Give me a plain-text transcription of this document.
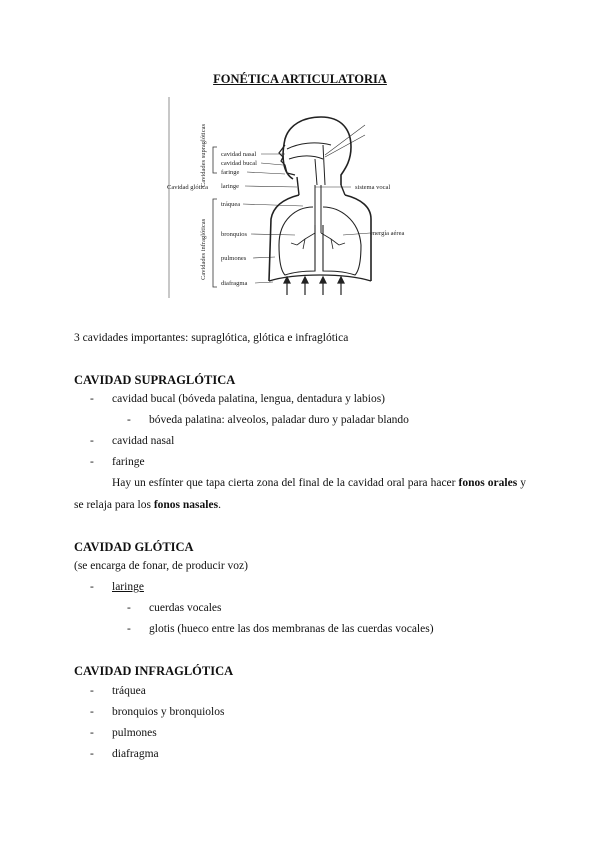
FONÉTICA ARTICULATORIA
Cavidades supraglóticas
Cavidad glótica
Cavidades infraglóticas
cavidad nasal
cavidad bucal
faringe
laringe
tráquea
bronquios
pulmones
diafragma
sistema vocal
energía aérea
3 cavidades importantes: supraglótica, glótica e infraglótica
CAVIDAD SUPRAGLÓTICA
- cavidad bucal (bóveda palatina, lengua, dentadura y labios)
- bóveda palatina: alveolos, paladar duro y paladar blando
- cavidad nasal
- faringe
Hay un esfínter que tapa cierta zona del final de la cavidad oral para hacer fonos orales y se relaja para los fonos nasales.
CAVIDAD GLÓTICA
(se encarga de fonar, de producir voz)
- laringe
- cuerdas vocales
- glotis (hueco entre las dos membranas de las cuerdas vocales)
CAVIDAD INFRAGLÓTICA
- tráquea
- bronquios y bronquiolos
- pulmones
- diafragma
